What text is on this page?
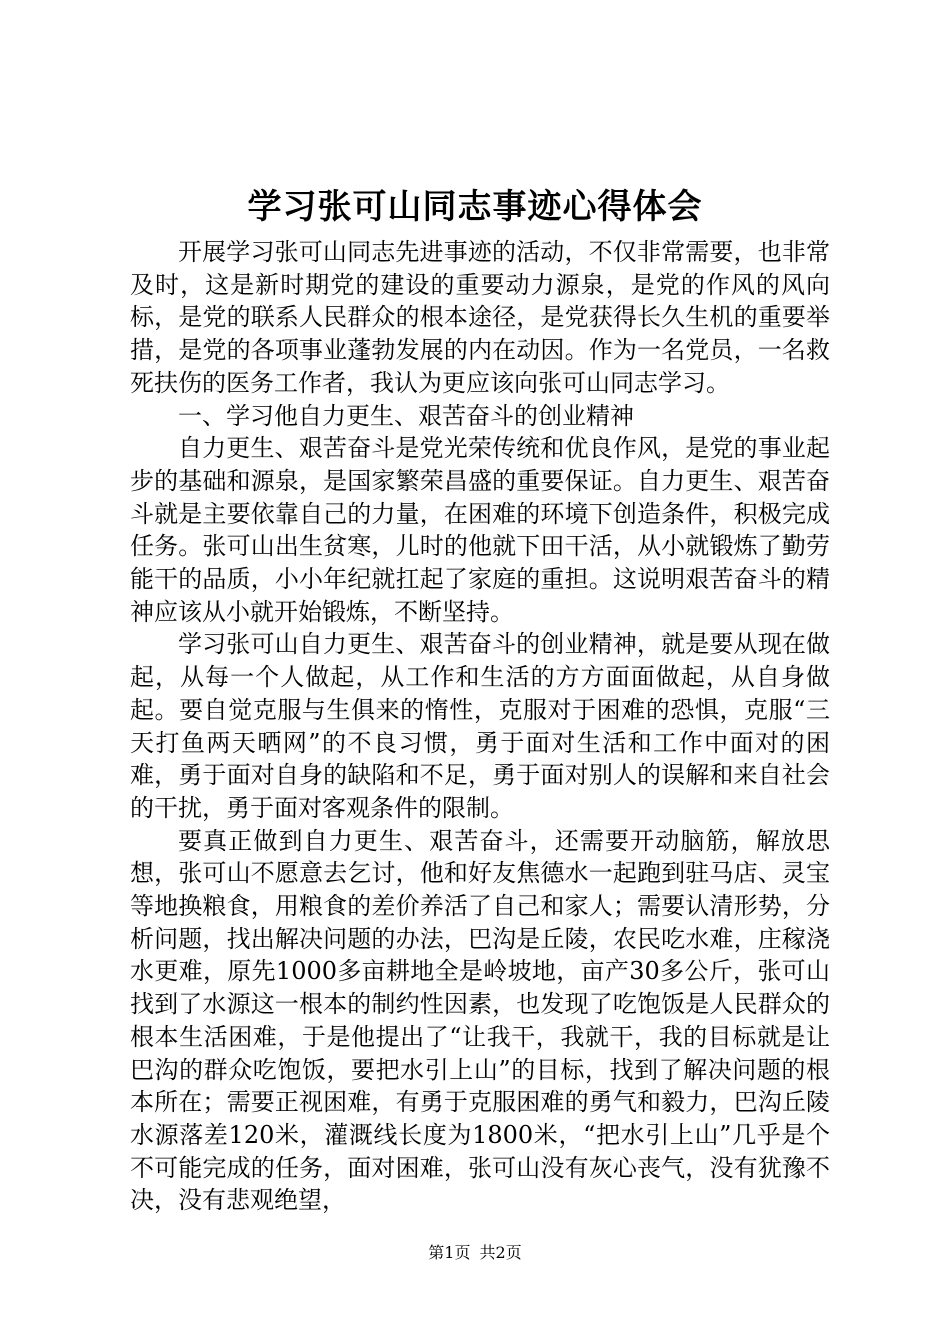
学习张可山同志事迹心得体会

开展学习张可山同志先进事迹的活动，不仅非常需要，也非常及时，这是新时期党的建设的重要动力源泉，是党的作风的风向标，是党的联系人民群众的根本途径，是党获得长久生机的重要举措，是党的各项事业蓬勃发展的内在动因。作为一名党员，一名救死扶伤的医务工作者，我认为更应该向张可山同志学习。

一、学习他自力更生、艰苦奋斗的创业精神

自力更生、艰苦奋斗是党光荣传统和优良作风，是党的事业起步的基础和源泉，是国家繁荣昌盛的重要保证。自力更生、艰苦奋斗就是主要依靠自己的力量，在困难的环境下创造条件，积极完成任务。张可山出生贫寒，儿时的他就下田干活，从小就锻炼了勤劳能干的品质，小小年纪就扛起了家庭的重担。这说明艰苦奋斗的精神应该从小就开始锻炼，不断坚持。

学习张可山自力更生、艰苦奋斗的创业精神，就是要从现在做起，从每一个人做起，从工作和生活的方方面面做起，从自身做起。要自觉克服与生俱来的惰性，克服对于困难的恐惧，克服“三天打鱼两天晒网”的不良习惯，勇于面对生活和工作中面对的困难，勇于面对自身的缺陷和不足，勇于面对别人的误解和来自社会的干扰，勇于面对客观条件的限制。

要真正做到自力更生、艰苦奋斗，还需要开动脑筋，解放思想，张可山不愿意去乞讨，他和好友焦德水一起跑到驻马店、灵宝等地换粮食，用粮食的差价养活了自己和家人；需要认清形势，分析问题，找出解决问题的办法，巴沟是丘陵，农民吃水难，庄稼浇水更难，原先1000多亩耕地全是岭坡地，亩产30多公斤，张可山找到了水源这一根本的制约性因素，也发现了吃饱饭是人民群众的根本生活困难，于是他提出了“让我干，我就干，我的目标就是让巴沟的群众吃饱饭，要把水引上山”的目标，找到了解决问题的根本所在；需要正视困难，有勇于克服困难的勇气和毅力，巴沟丘陵水源落差120米，灌溉线长度为1800米，“把水引上山”几乎是个不可能完成的任务，面对困难，张可山没有灰心丧气，没有犹豫不决，没有悲观绝望，

第1页 共2页
